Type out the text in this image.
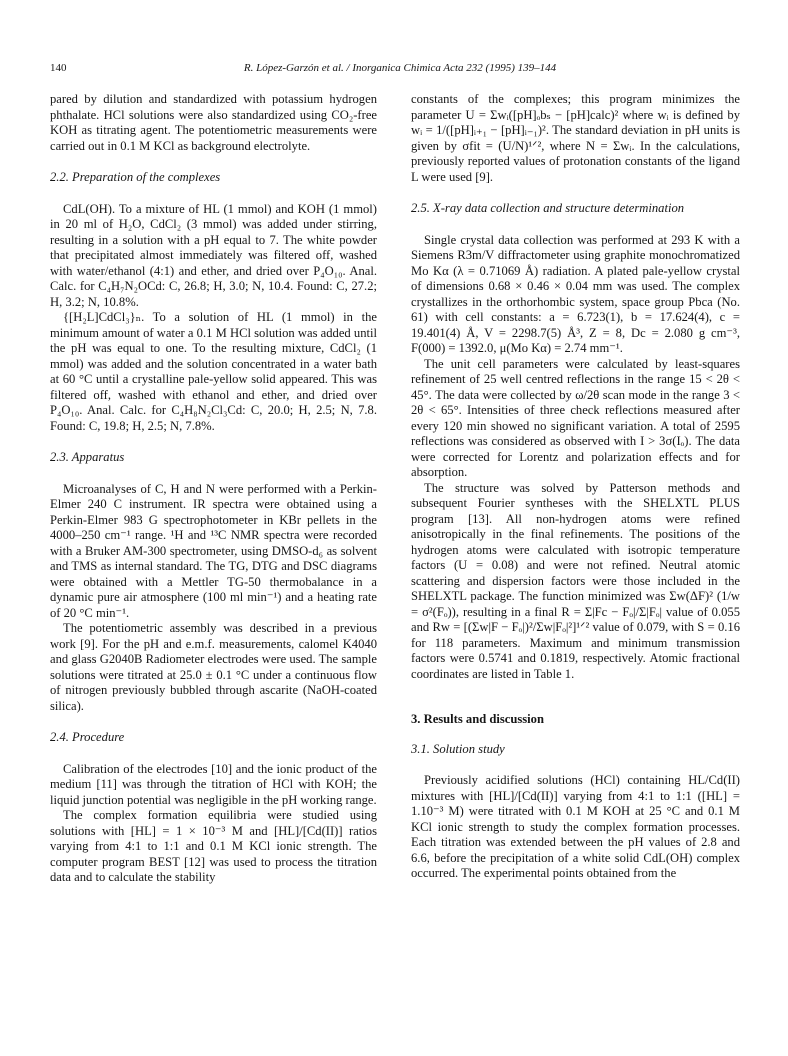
140	R. López-Garzón et al. / Inorganica Chimica Acta 232 (1995) 139–144

pared by dilution and standardized with potassium hydrogen phthalate. HCl solutions were also standardized using CO₂-free KOH as titrating agent. The potentiometric measurements were carried out in 0.1 M KCl as background electrolyte.

2.2. Preparation of the complexes

CdL(OH). To a mixture of HL (1 mmol) and KOH (1 mmol) in 20 ml of H₂O, CdCl₂ (3 mmol) was added under stirring, resulting in a solution with a pH equal to 7. The white powder that precipitated almost immediately was filtered off, washed with water/ethanol (4:1) and ether, and dried over P₄O₁₀. Anal. Calc. for C₄H₇N₂OCd: C, 26.8; H, 3.0; N, 10.4. Found: C, 27.2; H, 3.2; N, 10.8%.

{[H₂L]CdCl₃}ₙ. To a solution of HL (1 mmol) in the minimum amount of water a 0.1 M HCl solution was added until the pH was equal to one. To the resulting mixture, CdCl₂ (1 mmol) was added and the solution concentrated in a water bath at 60 °C until a crystalline pale-yellow solid appeared. This was filtered off, washed with ethanol and ether, and dried over P₄O₁₀. Anal. Calc. for C₄H₈N₂Cl₃Cd: C, 20.0; H, 2.5; N, 7.8. Found: C, 19.8; H, 2.5; N, 7.8%.

2.3. Apparatus

Microanalyses of C, H and N were performed with a Perkin-Elmer 240 C instrument. IR spectra were obtained using a Perkin-Elmer 983 G spectrophotometer in KBr pellets in the 4000–250 cm⁻¹ range. ¹H and ¹³C NMR spectra were recorded with a Bruker AM-300 spectrometer, using DMSO-d₆ as solvent and TMS as internal standard. The TG, DTG and DSC diagrams were obtained with a Mettler TG-50 thermobalance in a dynamic pure air atmosphere (100 ml min⁻¹) and a heating rate of 20 °C min⁻¹.

The potentiometric assembly was described in a previous work [9]. For the pH and e.m.f. measurements, calomel K4040 and glass G2040B Radiometer electrodes were used. The sample solutions were titrated at 25.0 ± 0.1 °C under a continuous flow of nitrogen previously bubbled through ascarite (NaOH-coated silica).

2.4. Procedure

Calibration of the electrodes [10] and the ionic product of the medium [11] was through the titration of HCl with KOH; the liquid junction potential was negligible in the pH working range.

The complex formation equilibria were studied using solutions with [HL] = 1 × 10⁻³ M and [HL]/[Cd(II)] ratios varying from 4:1 to 1:1 and 0.1 M KCl ionic strength. The computer program BEST [12] was used to process the titration data and to calculate the stability

constants of the complexes; this program minimizes the parameter U = Σwᵢ([pH]ₒbₛ − [pH]calc)² where wᵢ is defined by wᵢ = 1/([pH]ᵢ₊₁ − [pH]ᵢ₋₁)². The standard deviation in pH units is given by σfit = (U/N)¹ᐟ², where N = Σwᵢ. In the calculations, previously reported values of protonation constants of the ligand L were used [9].

2.5. X-ray data collection and structure determination

Single crystal data collection was performed at 293 K with a Siemens R3m/V diffractometer using graphite monochromatized Mo Kα (λ = 0.71069 Å) radiation. A plated pale-yellow crystal of dimensions 0.68 × 0.46 × 0.04 mm was used. The complex crystallizes in the orthorhombic system, space group Pbca (No. 61) with cell constants: a = 6.723(1), b = 17.624(4), c = 19.401(4) Å, V = 2298.7(5) Å³, Z = 8, Dc = 2.080 g cm⁻³, F(000) = 1392.0, μ(Mo Kα) = 2.74 mm⁻¹.

The unit cell parameters were calculated by least-squares refinement of 25 well centred reflections in the range 15 < 2θ < 45°. The data were collected by ω/2θ scan mode in the range 3 < 2θ < 65°. Intensities of three check reflections measured after every 120 min showed no significant variation. A total of 2595 reflections was considered as observed with I > 3σ(Iₒ). The data were corrected for Lorentz and polarization effects and for absorption.

The structure was solved by Patterson methods and subsequent Fourier syntheses with the SHELXTL PLUS program [13]. All non-hydrogen atoms were refined anisotropically in the final refinements. The positions of the hydrogen atoms were calculated with isotropic temperature factors (U = 0.08) and were not refined. Neutral atomic scattering and dispersion factors were those included in the SHELXTL package. The function minimized was Σw(ΔF)² (1/w = σ²(Fₒ)), resulting in a final R = Σ|Fc − Fₒ|/Σ|Fₒ| value of 0.055 and Rw = [(Σw|F − Fₒ|)²/Σw|Fₒ|²]¹ᐟ² value of 0.079, with S = 0.16 for 118 parameters. Maximum and minimum transmission factors were 0.5741 and 0.1819, respectively. Atomic fractional coordinates are listed in Table 1.

3. Results and discussion
3.1. Solution study

Previously acidified solutions (HCl) containing HL/Cd(II) mixtures with [HL]/[Cd(II)] varying from 4:1 to 1:1 ([HL] = 1.10⁻³ M) were titrated with 0.1 M KOH at 25 °C and 0.1 M KCl ionic strength to study the complex formation processes. Each titration was extended between the pH values of 2.8 and 6.6, before the precipitation of a white solid CdL(OH) complex occurred. The experimental points obtained from the
